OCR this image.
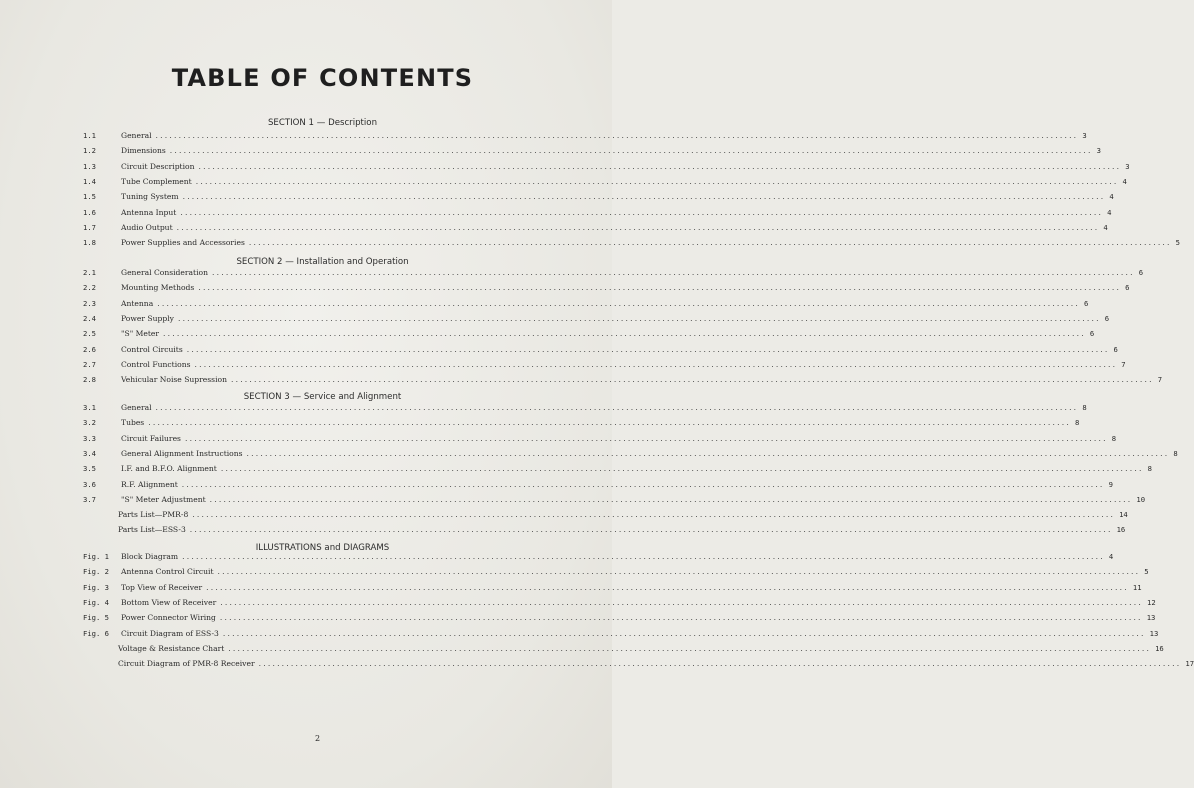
TABLE OF CONTENTS
SECTION 1 — Description
1.1	General ........................................................................................................................................................................................................ 3
1.2	Dimensions ........................................................................................................................................................................................................ 3
1.3	Circuit Description ........................................................................................................................................................................................................ 3
1.4	Tube Complement ........................................................................................................................................................................................................ 4
1.5	Tuning System ........................................................................................................................................................................................................ 4
1.6	Antenna Input ........................................................................................................................................................................................................ 4
1.7	Audio Output ........................................................................................................................................................................................................ 4
1.8	Power Supplies and Accessories ........................................................................................................................................................................................................ 5
SECTION 2 — Installation and Operation
2.1	General Consideration ........................................................................................................................................................................................................ 6
2.2	Mounting Methods ........................................................................................................................................................................................................ 6
2.3	Antenna ........................................................................................................................................................................................................ 6
2.4	Power Supply ........................................................................................................................................................................................................ 6
2.5	"S" Meter ........................................................................................................................................................................................................ 6
2.6	Control Circuits ........................................................................................................................................................................................................ 6
2.7	Control Functions ........................................................................................................................................................................................................ 7
2.8	Vehicular Noise Supression ........................................................................................................................................................................................................ 7
SECTION 3 — Service and Alignment
3.1	General ........................................................................................................................................................................................................ 8
3.2	Tubes ........................................................................................................................................................................................................ 8
3.3	Circuit Failures ........................................................................................................................................................................................................ 8
3.4	General Alignment Instructions ........................................................................................................................................................................................................ 8
3.5	I.F. and B.F.O. Alignment ........................................................................................................................................................................................................ 8
3.6	R.F. Alignment ........................................................................................................................................................................................................ 9
3.7	"S" Meter Adjustment ........................................................................................................................................................................................................ 10
Parts List—PMR-8 ........................................................................................................................................................................................................ 14
Parts List—ESS-3 ........................................................................................................................................................................................................ 16
ILLUSTRATIONS and DIAGRAMS
Fig. 1 Block Diagram ........................................................................................................................................................................................................ 4
Fig. 2 Antenna Control Circuit ........................................................................................................................................................................................................ 5
Fig. 3 Top View of Receiver ........................................................................................................................................................................................................ 11
Fig. 4 Bottom View of Receiver ........................................................................................................................................................................................................ 12
Fig. 5 Power Connector Wiring ........................................................................................................................................................................................................ 13
Fig. 6 Circuit Diagram of ESS-3 ........................................................................................................................................................................................................ 13
Voltage & Resistance Chart ........................................................................................................................................................................................................ 16
Circuit Diagram of PMR-8 Receiver ........................................................................................................................................................................................................ 17
2
